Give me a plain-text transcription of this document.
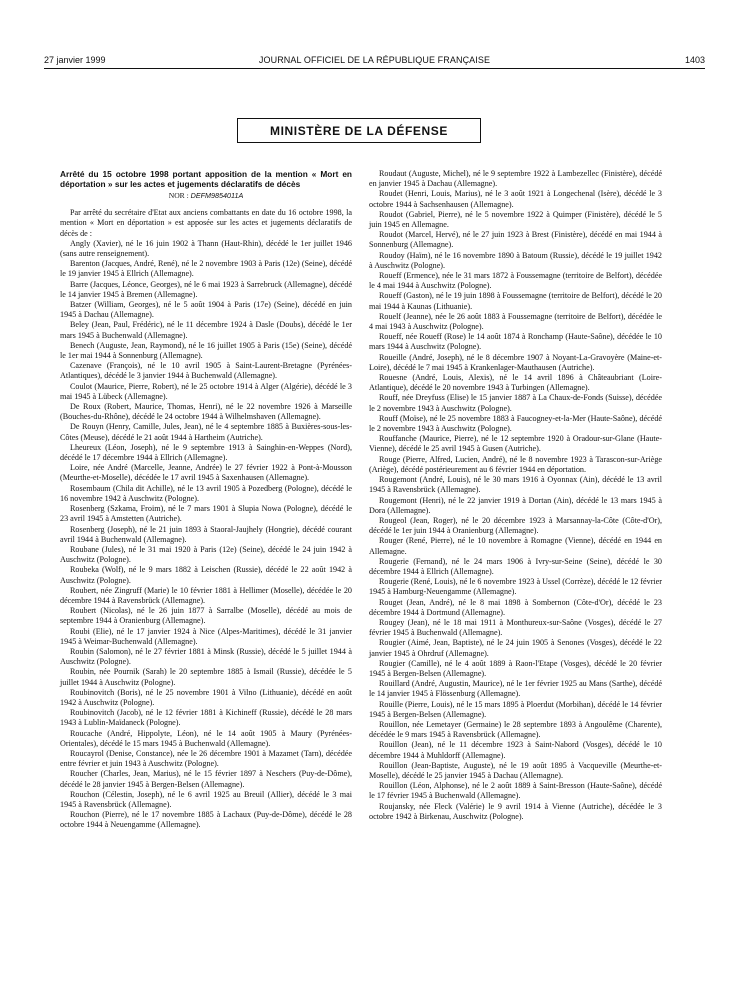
27 janvier 1999	JOURNAL OFFICIEL DE LA RÉPUBLIQUE FRANÇAISE	1403
MINISTÈRE DE LA DÉFENSE

Arrêté du 15 octobre 1998 portant apposition de la mention « Mort en déportation » sur les actes et jugements déclaratifs de décès

NOR : DEFM9854011A

Par arrêté du secrétaire d'Etat aux anciens combattants en date du 16 octobre 1998, la mention « Mort en déportation » est apposée sur les actes et jugements déclaratifs de décès de :

Angly (Xavier), né le 16 juin 1902 à Thann (Haut-Rhin), décédé le 1er juillet 1946 (sans autre renseignement).

Barenton (Jacques, André, René), né le 2 novembre 1903 à Paris (12e) (Seine), décédé le 19 janvier 1945 à Ellrich (Allemagne).

Barre (Jacques, Léonce, Georges), né le 6 mai 1923 à Sarrebruck (Allemagne), décédé le 14 janvier 1945 à Bremen (Allemagne).

Batzer (William, Georges), né le 5 août 1904 à Paris (17e) (Seine), décédé en juin 1945 à Dachau (Allemagne).

Beley (Jean, Paul, Frédéric), né le 11 décembre 1924 à Dasle (Doubs), décédé le 1er mars 1945 à Buchenwald (Allemagne).

Benech (Auguste, Jean, Raymond), né le 16 juillet 1905 à Paris (15e) (Seine), décédé le 1er mai 1944 à Sonnenburg (Allemagne).

Cazenave (François), né le 10 avril 1905 à Saint-Laurent-Bretagne (Pyrénées-Atlantiques), décédé le 3 janvier 1944 à Buchenwald (Allemagne).

Coulot (Maurice, Pierre, Robert), né le 25 octobre 1914 à Alger (Algérie), décédé le 3 mai 1945 à Lübeck (Allemagne).

De Roux (Robert, Maurice, Thomas, Henri), né le 22 novembre 1926 à Marseille (Bouches-du-Rhône), décédé le 24 octobre 1944 à Wilhelmshaven (Allemagne).

De Rouyn (Henry, Camille, Jules, Jean), né le 4 septembre 1885 à Buxières-sous-les-Côtes (Meuse), décédé le 21 août 1944 à Hartheim (Autriche).

Lheureux (Léon, Joseph), né le 9 septembre 1913 à Sainghin-en-Weppes (Nord), décédé le 17 décembre 1944 à Ellrich (Allemagne).

Loire, née André (Marcelle, Jeanne, Andrée) le 27 février 1922 à Pont-à-Mousson (Meurthe-et-Moselle), décédée le 17 avril 1945 à Saxenhausen (Allemagne).

Rosembaum (Chila dit Achille), né le 13 avril 1905 à Pozedberg (Pologne), décédé le 16 novembre 1942 à Auschwitz (Pologne).

Rosenberg (Szkama, Froim), né le 7 mars 1901 à Slupia Nowa (Pologne), décédé le 23 avril 1945 à Amstetten (Autriche).

Rosenberg (Joseph), né le 21 juin 1893 à Staoral-Jaujhely (Hongrie), décédé courant avril 1944 à Buchenwald (Allemagne).

Roubane (Jules), né le 31 mai 1920 à Paris (12e) (Seine), décédé le 24 juin 1942 à Auschwitz (Pologne).

Roubeka (Wolf), né le 9 mars 1882 à Leischen (Russie), décédé le 22 août 1942 à Auschwitz (Pologne).

Roubert, née Zingruff (Marie) le 10 février 1881 à Hellimer (Moselle), décédée le 20 décembre 1944 à Ravensbrück (Allemagne).

Roubert (Nicolas), né le 26 juin 1877 à Sarralbe (Moselle), décédé au mois de septembre 1944 à Oranienburg (Allemagne).

Roubi (Elie), né le 17 janvier 1924 à Nice (Alpes-Maritimes), décédé le 31 janvier 1945 à Weimar-Buchenwald (Allemagne).

Roubin (Salomon), né le 27 février 1881 à Minsk (Russie), décédé le 5 juillet 1944 à Auschwitz (Pologne).

Roubin, née Pournik (Sarah) le 20 septembre 1885 à Ismail (Russie), décédée le 5 juillet 1944 à Auschwitz (Pologne).

Roubinovitch (Boris), né le 25 novembre 1901 à Vilno (Lithuanie), décédé en août 1942 à Auschwitz (Pologne).

Roubinovitch (Jacob), né le 12 février 1881 à Kichineff (Russie), décédé le 28 mars 1943 à Lublin-Maïdaneck (Pologne).

Roucache (André, Hippolyte, Léon), né le 14 août 1905 à Maury (Pyrénées-Orientales), décédé le 15 mars 1945 à Buchenwald (Allemagne).

Roucayrol (Denise, Constance), née le 26 décembre 1901 à Mazamet (Tarn), décédée entre février et juin 1943 à Auschwitz (Pologne).

Roucher (Charles, Jean, Marius), né le 15 février 1897 à Neschers (Puy-de-Dôme), décédé le 28 janvier 1945 à Bergen-Belsen (Allemagne).

Rouchon (Célestin, Joseph), né le 6 avril 1925 au Breuil (Allier), décédé le 3 mai 1945 à Ravensbrück (Allemagne).

Rouchon (Pierre), né le 17 novembre 1885 à Lachaux (Puy-de-Dôme), décédé le 28 octobre 1944 à Neuengamme (Allemagne).

Roudaut (Auguste, Michel), né le 9 septembre 1922 à Lambezellec (Finistère), décédé en janvier 1945 à Dachau (Allemagne).

Roudet (Henri, Louis, Marius), né le 3 août 1921 à Longechenal (Isère), décédé le 3 octobre 1944 à Sachsenhausen (Allemagne).

Roudot (Gabriel, Pierre), né le 5 novembre 1922 à Quimper (Finistère), décédé le 5 juin 1945 en Allemagne.

Roudot (Marcel, Hervé), né le 27 juin 1923 à Brest (Finistère), décédé en mai 1944 à Sonnenburg (Allemagne).

Roudoy (Haïm), né le 16 novembre 1890 à Batoum (Russie), décédé le 19 juillet 1942 à Auschwitz (Pologne).

Roueff (Ermence), née le 31 mars 1872 à Foussemagne (territoire de Belfort), décédée le 4 mai 1944 à Auschwitz (Pologne).

Roueff (Gaston), né le 19 juin 1898 à Foussemagne (territoire de Belfort), décédé le 20 mai 1944 à Kaunas (Lithuanie).

Rouelf (Jeanne), née le 26 août 1883 à Foussemagne (territoire de Belfort), décédée le 4 mai 1943 à Auschwitz (Pologne).

Roueff, née Roueff (Rose) le 14 août 1874 à Ronchamp (Haute-Saône), décédée le 10 mars 1944 à Auschwitz (Pologne).

Roueille (André, Joseph), né le 8 décembre 1907 à Noyant-La-Gravoyère (Maine-et-Loire), décédé le 7 mai 1945 à Krankenlager-Mauthausen (Autriche).

Rouesne (André, Louis, Alexis), né le 14 avril 1896 à Châteaubriant (Loire-Atlantique), décédé le 20 novembre 1943 à Turbingen (Allemagne).

Rouff, née Dreyfuss (Elise) le 15 janvier 1887 à La Chaux-de-Fonds (Suisse), décédée le 2 novembre 1943 à Auschwitz (Pologne).

Rouff (Moïse), né le 25 novembre 1883 à Faucogney-et-la-Mer (Haute-Saône), décédé le 2 novembre 1943 à Auschwitz (Pologne).

Rouffanche (Maurice, Pierre), né le 12 septembre 1920 à Oradour-sur-Glane (Haute-Vienne), décédé le 25 avril 1945 à Gusen (Autriche).

Rouge (Pierre, Alfred, Lucien, André), né le 8 novembre 1923 à Tarascon-sur-Ariège (Ariège), décédé postérieurement au 6 février 1944 en déportation.

Rougemont (André, Louis), né le 30 mars 1916 à Oyonnax (Ain), décédé le 13 avril 1945 à Ravensbrück (Allemagne).

Rougemont (Henri), né le 22 janvier 1919 à Dortan (Ain), décédé le 13 mars 1945 à Dora (Allemagne).

Rougeol (Jean, Roger), né le 20 décembre 1923 à Marsannay-la-Côte (Côte-d'Or), décédé le 1er juin 1944 à Oranienburg (Allemagne).

Rouger (René, Pierre), né le 10 novembre à Romagne (Vienne), décédé en 1944 en Allemagne.

Rougerie (Fernand), né le 24 mars 1906 à Ivry-sur-Seine (Seine), décédé le 30 décembre 1944 à Ellrich (Allemagne).

Rougerie (René, Louis), né le 6 novembre 1923 à Ussel (Corrèze), décédé le 12 février 1945 à Hamburg-Neuengamme (Allemagne).

Rouget (Jean, André), né le 8 mai 1898 à Sombernon (Côte-d'Or), décédé le 23 décembre 1944 à Dortmund (Allemagne).

Rougey (Jean), né le 18 mai 1911 à Monthureux-sur-Saône (Vosges), décédé le 27 février 1945 à Buchenwald (Allemagne).

Rougier (Aimé, Jean, Baptiste), né le 24 juin 1905 à Senones (Vosges), décédé le 22 janvier 1945 à Ohrdruf (Allemagne).

Rougier (Camille), né le 4 août 1889 à Raon-l'Etape (Vosges), décédé le 20 février 1945 à Bergen-Belsen (Allemagne).

Rouillard (André, Augustin, Maurice), né le 1er février 1925 au Mans (Sarthe), décédé le 14 janvier 1945 à Flössenburg (Allemagne).

Rouille (Pierre, Louis), né le 15 mars 1895 à Ploerdut (Morbihan), décédé le 14 février 1945 à Bergen-Belsen (Allemagne).

Rouillon, née Lemetayer (Germaine) le 28 septembre 1893 à Angoulême (Charente), décédée le 9 mars 1945 à Ravensbrück (Allemagne).

Rouillon (Jean), né le 11 décembre 1923 à Saint-Nabord (Vosges), décédé le 10 décembre 1944 à Muhldorff (Allemagne).

Rouillon (Jean-Baptiste, Auguste), né le 19 août 1895 à Vacqueville (Meurthe-et-Moselle), décédé le 25 janvier 1945 à Dachau (Allemagne).

Rouillon (Léon, Alphonse), né le 2 août 1889 à Saint-Bresson (Haute-Saône), décédé le 17 février 1945 à Buchenwald (Allemagne).

Roujansky, née Fleck (Valérie) le 9 avril 1914 à Vienne (Autriche), décédée le 3 octobre 1942 à Birkenau, Auschwitz (Pologne).
